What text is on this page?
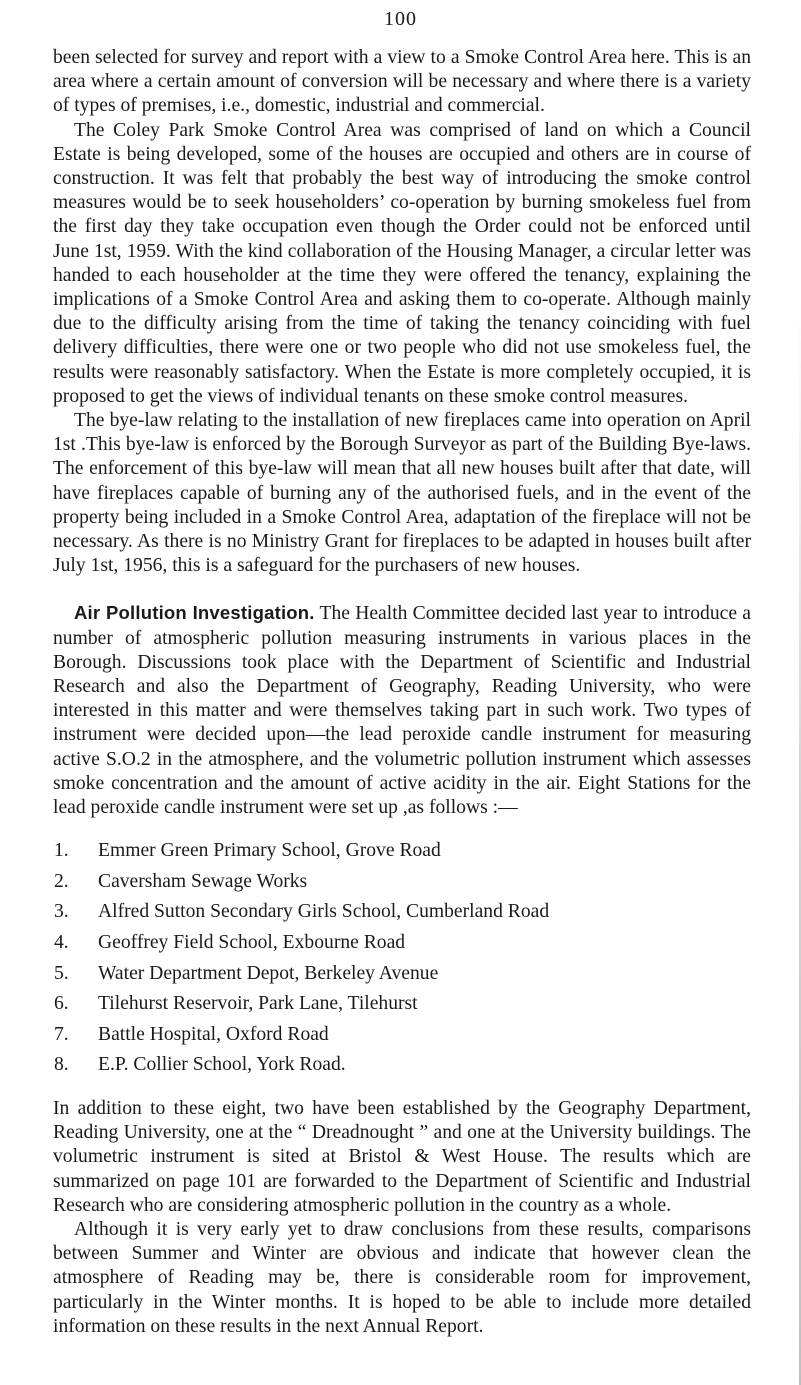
100

been selected for survey and report with a view to a Smoke Control Area here. This is an area where a certain amount of conversion will be necessary and where there is a variety of types of premises, i.e., domestic, industrial and commercial.

The Coley Park Smoke Control Area was comprised of land on which a Council Estate is being developed, some of the houses are occupied and others are in course of construction. It was felt that probably the best way of introducing the smoke control measures would be to seek householders’ co-operation by burning smokeless fuel from the first day they take occupation even though the Order could not be enforced until June 1st, 1959. With the kind collaboration of the Housing Manager, a circular letter was handed to each householder at the time they were offered the tenancy, explaining the implications of a Smoke Control Area and asking them to co-operate. Although mainly due to the difficulty arising from the time of taking the tenancy coinciding with fuel delivery difficulties, there were one or two people who did not use smokeless fuel, the results were reasonably satisfactory. When the Estate is more completely occupied, it is proposed to get the views of individual tenants on these smoke control measures.

The bye-law relating to the installation of new fireplaces came into operation on April 1st .This bye-law is enforced by the Borough Surveyor as part of the Building Bye-laws. The enforcement of this bye-law will mean that all new houses built after that date, will have fireplaces capable of burning any of the authorised fuels, and in the event of the property being included in a Smoke Control Area, adaptation of the fireplace will not be necessary. As there is no Ministry Grant for fireplaces to be adapted in houses built after July 1st, 1956, this is a safeguard for the purchasers of new houses.

Air Pollution Investigation. The Health Committee decided last year to introduce a number of atmospheric pollution measuring instruments in various places in the Borough. Discussions took place with the Department of Scientific and Industrial Research and also the Department of Geography, Reading University, who were interested in this matter and were themselves taking part in such work. Two types of instrument were decided upon—the lead peroxide candle instrument for measuring active S.O.2 in the atmosphere, and the volumetric pollution instrument which assesses smoke concentration and the amount of active acidity in the air. Eight Stations for the lead peroxide candle instrument were set up ,as follows :—

1.	Emmer Green Primary School, Grove Road
2.	Caversham Sewage Works
3.	Alfred Sutton Secondary Girls School, Cumberland Road
4.	Geoffrey Field School, Exbourne Road
5.	Water Department Depot, Berkeley Avenue
6.	Tilehurst Reservoir, Park Lane, Tilehurst
7.	Battle Hospital, Oxford Road
8.	E.P. Collier School, York Road.

In addition to these eight, two have been established by the Geography Department, Reading University, one at the “ Dreadnought ” and one at the University buildings. The volumetric instrument is sited at Bristol & West House. The results which are summarized on page 101 are forwarded to the Department of Scientific and Industrial Research who are considering atmospheric pollution in the country as a whole.

Although it is very early yet to draw conclusions from these results, comparisons between Summer and Winter are obvious and indicate that however clean the atmosphere of Reading may be, there is considerable room for improvement, particularly in the Winter months. It is hoped to be able to include more detailed information on these results in the next Annual Report.
